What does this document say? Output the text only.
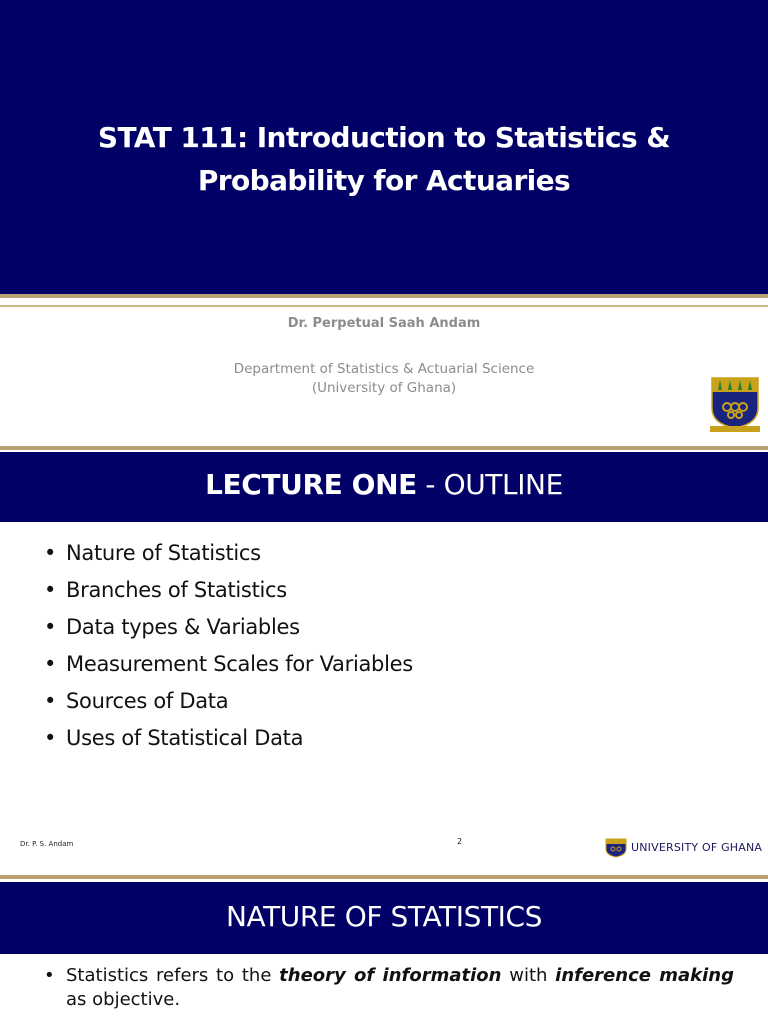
STAT 111: Introduction to Statistics &
Probability for Actuaries
Dr. Perpetual Saah Andam
Department of Statistics & Actuarial Science
(University of Ghana)
LECTURE ONE - OUTLINE
• Nature of Statistics
• Branches of Statistics
• Data types & Variables
• Measurement Scales for Variables
• Sources of Data
• Uses of Statistical Data
Dr. P. S. Andam	2	UNIVERSITY OF GHANA
NATURE OF STATISTICS
• Statistics refers to the theory of information with inference making as objective.
